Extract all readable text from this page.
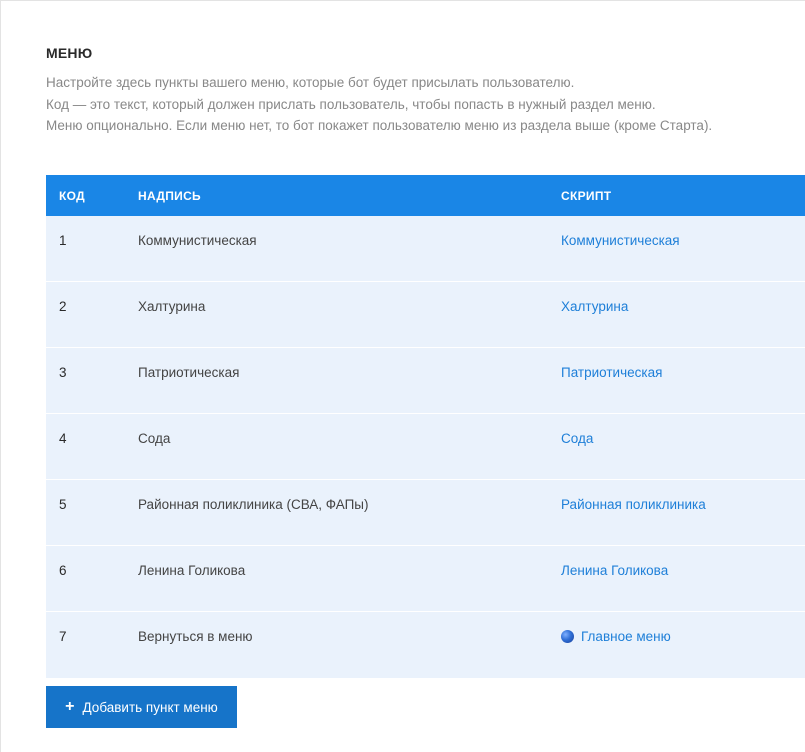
МЕНЮ
Настройте здесь пункты вашего меню, которые бот будет присылать пользователю.
Код — это текст, который должен прислать пользователь, чтобы попасть в нужный раздел меню.
Меню опционально. Если меню нет, то бот покажет пользователю меню из раздела выше (кроме Старта).
КОД	НАДПИСЬ	СКРИПТ
1	Коммунистическая	Коммунистическая
2	Халтурина	Халтурина
3	Патриотическая	Патриотическая
4	Сода	Сода
5	Районная поликлиника (СВА, ФАПы)	Районная поликлиника
6	Ленина Голикова	Ленина Голикова
7	Вернуться в меню	Главное меню
+ Добавить пункт меню
